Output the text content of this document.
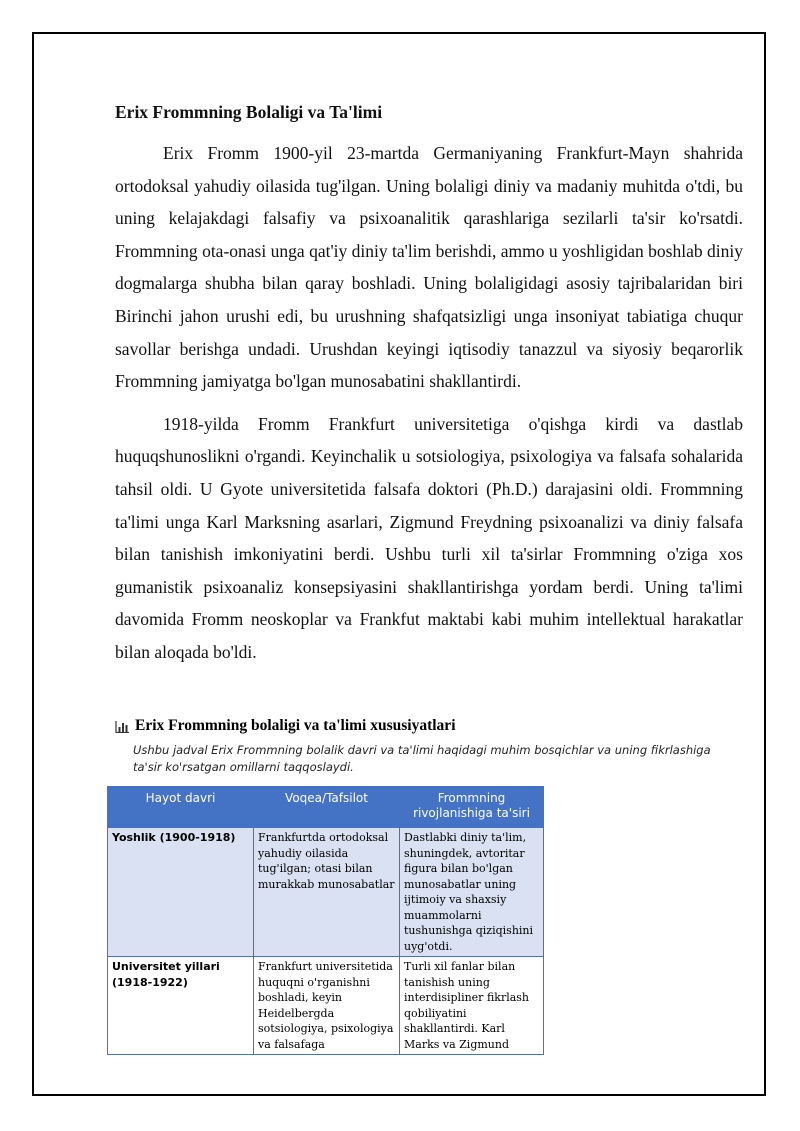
Erix Frommning Bolaligi va Ta'limi

Erix Fromm 1900-yil 23-martda Germaniyaning Frankfurt-Mayn shahrida ortodoksal yahudiy oilasida tug'ilgan. Uning bolaligi diniy va madaniy muhitda o'tdi, bu uning kelajakdagi falsafiy va psixoanalitik qarashlariga sezilarli ta'sir ko'rsatdi. Frommning ota-onasi unga qat'iy diniy ta'lim berishdi, ammo u yoshligidan boshlab diniy dogmalarga shubha bilan qaray boshladi. Uning bolaligidagi asosiy tajribalaridan biri Birinchi jahon urushi edi, bu urushning shafqatsizligi unga insoniyat tabiatiga chuqur savollar berishga undadi. Urushdan keyingi iqtisodiy tanazzul va siyosiy beqarorlik Frommning jamiyatga bo'lgan munosabatini shakllantirdi.

1918-yilda Fromm Frankfurt universitetiga o'qishga kirdi va dastlab huquqshunoslikni o'rgandi. Keyinchalik u sotsiologiya, psixologiya va falsafa sohalarida tahsil oldi. U Gyote universitetida falsafa doktori (Ph.D.) darajasini oldi. Frommning ta'limi unga Karl Marksning asarlari, Zigmund Freydning psixoanalizi va diniy falsafa bilan tanishish imkoniyatini berdi. Ushbu turli xil ta'sirlar Frommning o'ziga xos gumanistik psixoanaliz konsepsiyasini shakllantirishga yordam berdi. Uning ta'limi davomida Fromm neoskoplar va Frankfut maktabi kabi muhim intellektual harakatlar bilan aloqada bo'ldi.

Erix Frommning bolaligi va ta'limi xususiyatlari
Ushbu jadval Erix Frommning bolalik davri va ta'limi haqidagi muhim bosqichlar va uning fikrlashiga ta'sir ko'rsatgan omillarni taqqoslaydi.
Hayot davri	Voqea/Tafsilot	Frommning rivojlanishiga ta'siri
Yoshlik (1900-1918)	Frankfurtda ortodoksal yahudiy oilasida tug'ilgan; otasi bilan murakkab munosabatlar	Dastlabki diniy ta'lim, shuningdek, avtoritar figura bilan bo'lgan munosabatlar uning ijtimoiy va shaxsiy muammolarni tushunishga qiziqishini uyg'otdi.
Universitet yillari (1918-1922)	Frankfurt universitetida huquqni o'rganishni boshladi, keyin Heidelbergda sotsiologiya, psixologiya va falsafaga	Turli xil fanlar bilan tanishish uning interdisipliner fikrlash qobiliyatini shakllantirdi. Karl Marks va Zigmund
